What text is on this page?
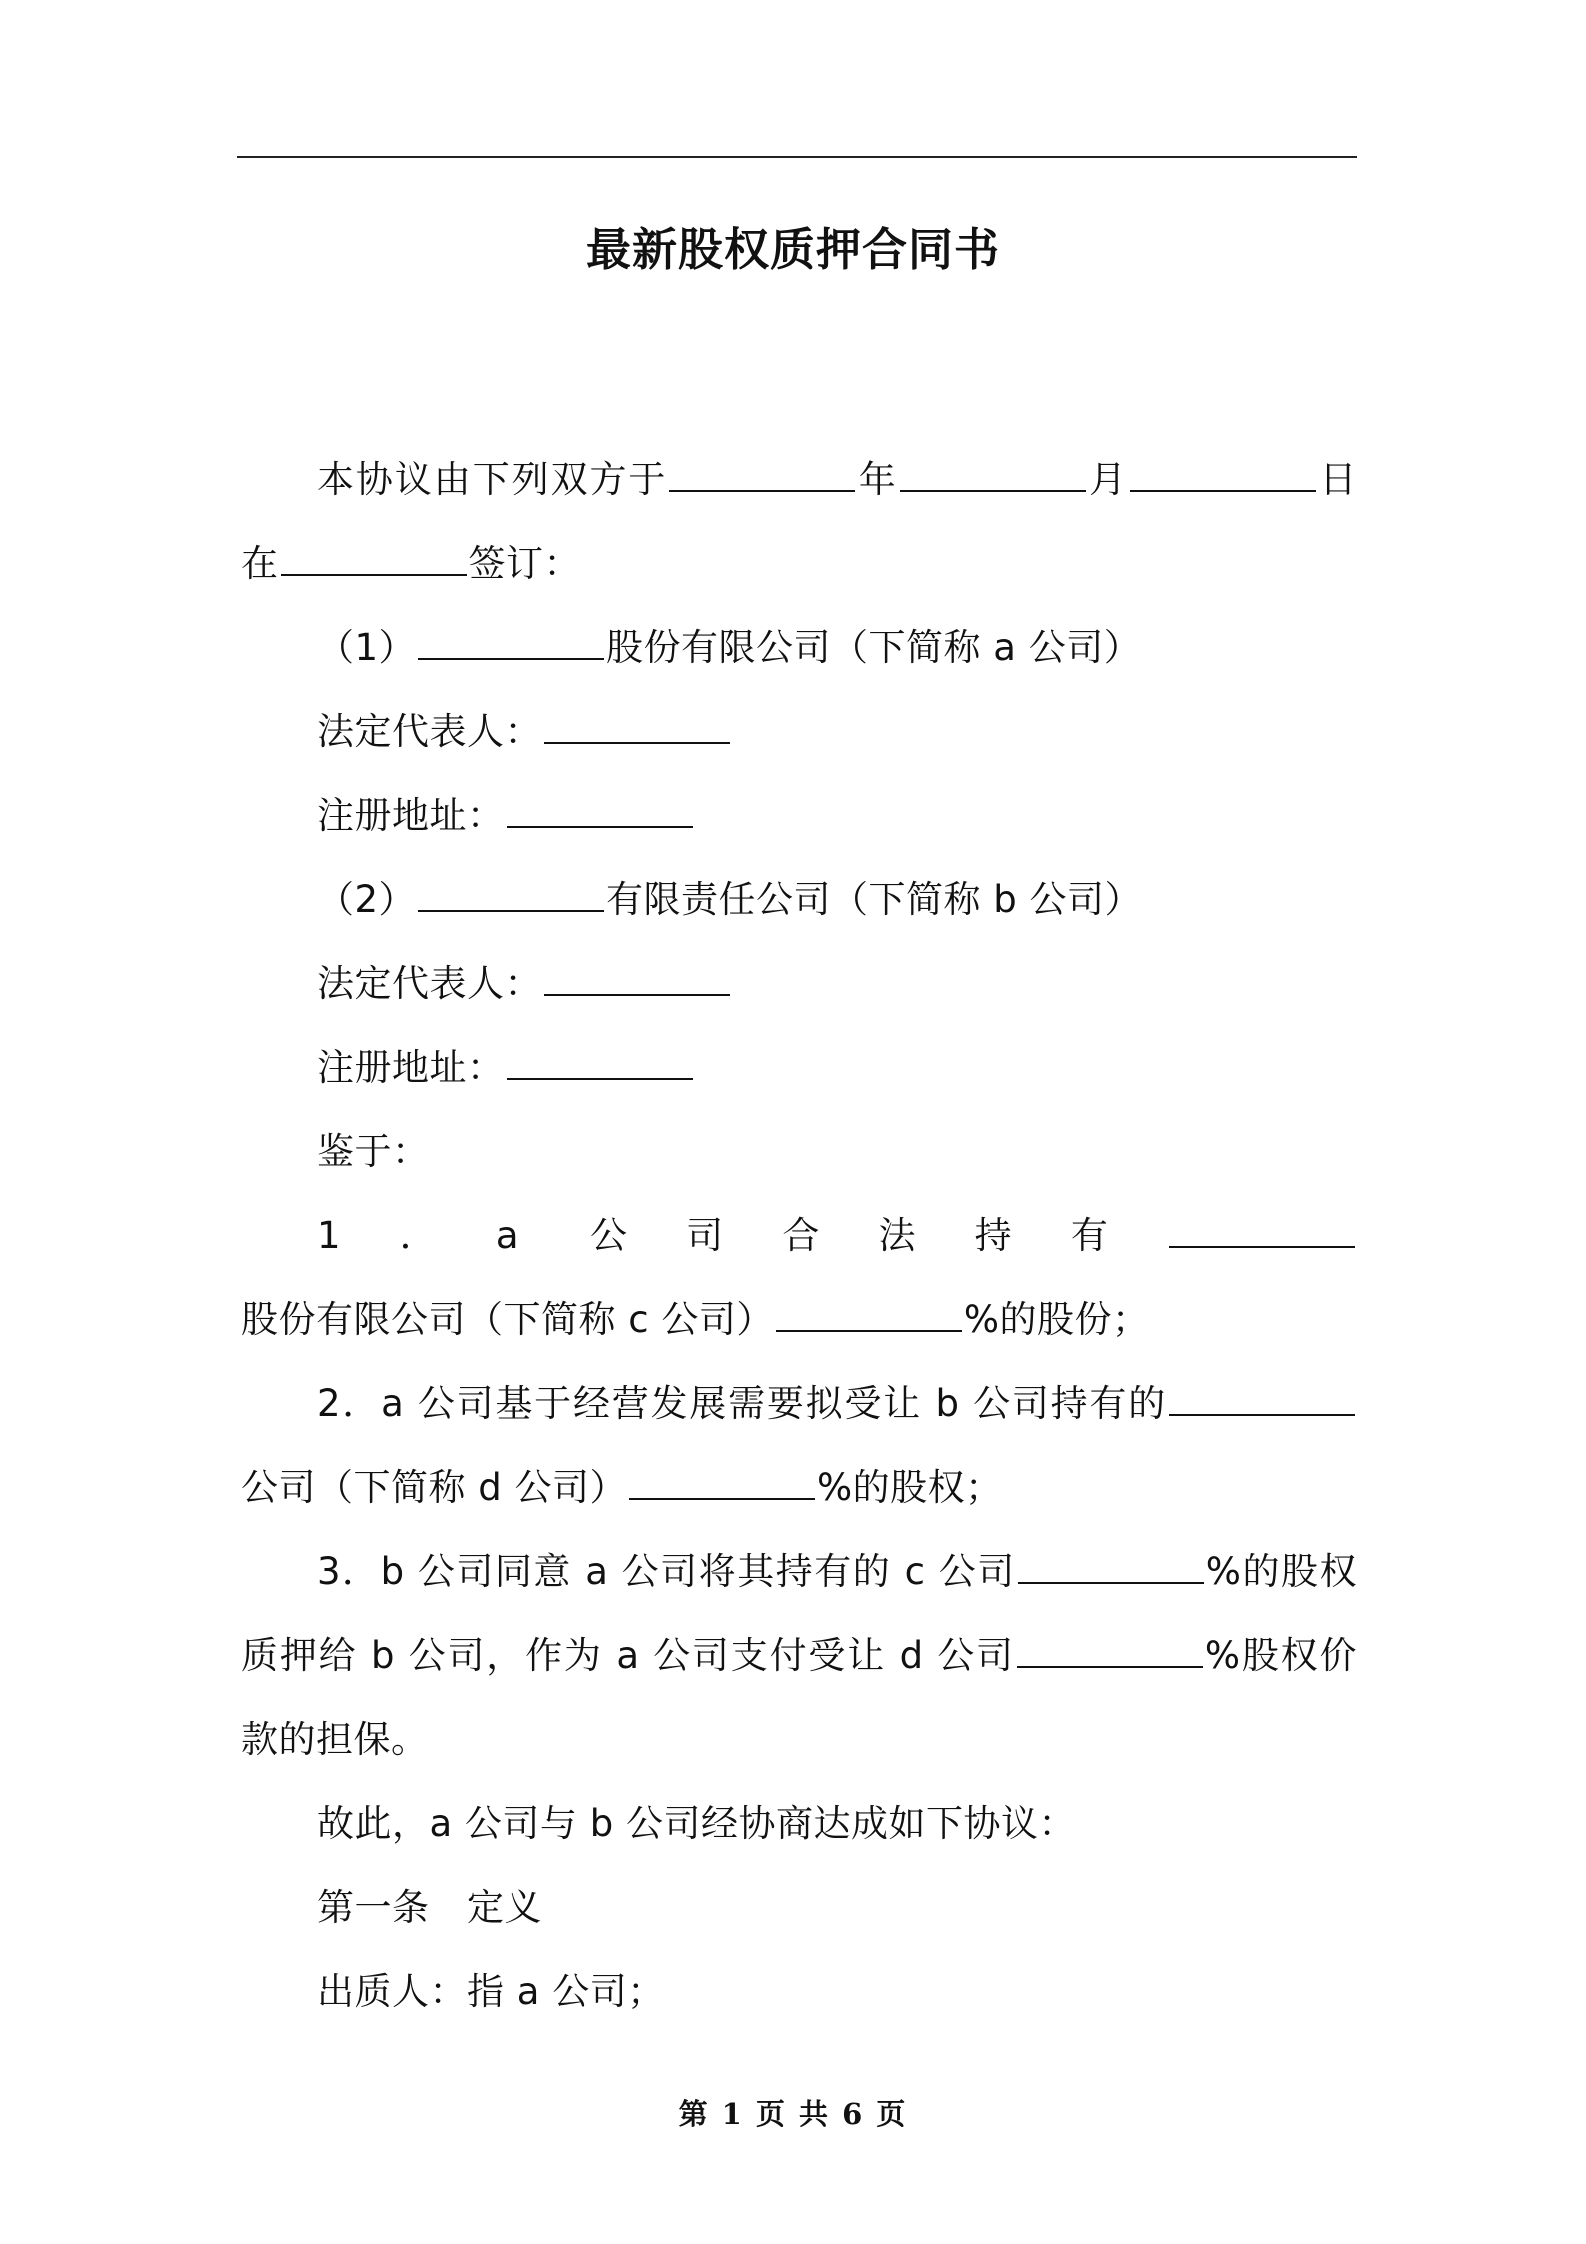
最新股权质押合同书

本协议由下列双方于	年	月	日在	签订：

（1）	股份有限公司（下简称 a 公司）

法定代表人：

注册地址：

（2）	有限责任公司（下简称 b 公司）

法定代表人：

注册地址：

鉴于：

1．a 公司合法持有股份有限公司（下简称 c 公司）	%的股份；

2．a 公司基于经营发展需要拟受让 b 公司持有的公司（下简称 d 公司）	%的股权；

3．b 公司同意 a 公司将其持有的 c 公司	%的股权质押给 b 公司，作为 a 公司支付受让 d 公司	%股权价款的担保。

故此，a 公司与 b 公司经协商达成如下协议：

第一条　定义

出质人：指 a 公司；

第 1 页 共 6 页
